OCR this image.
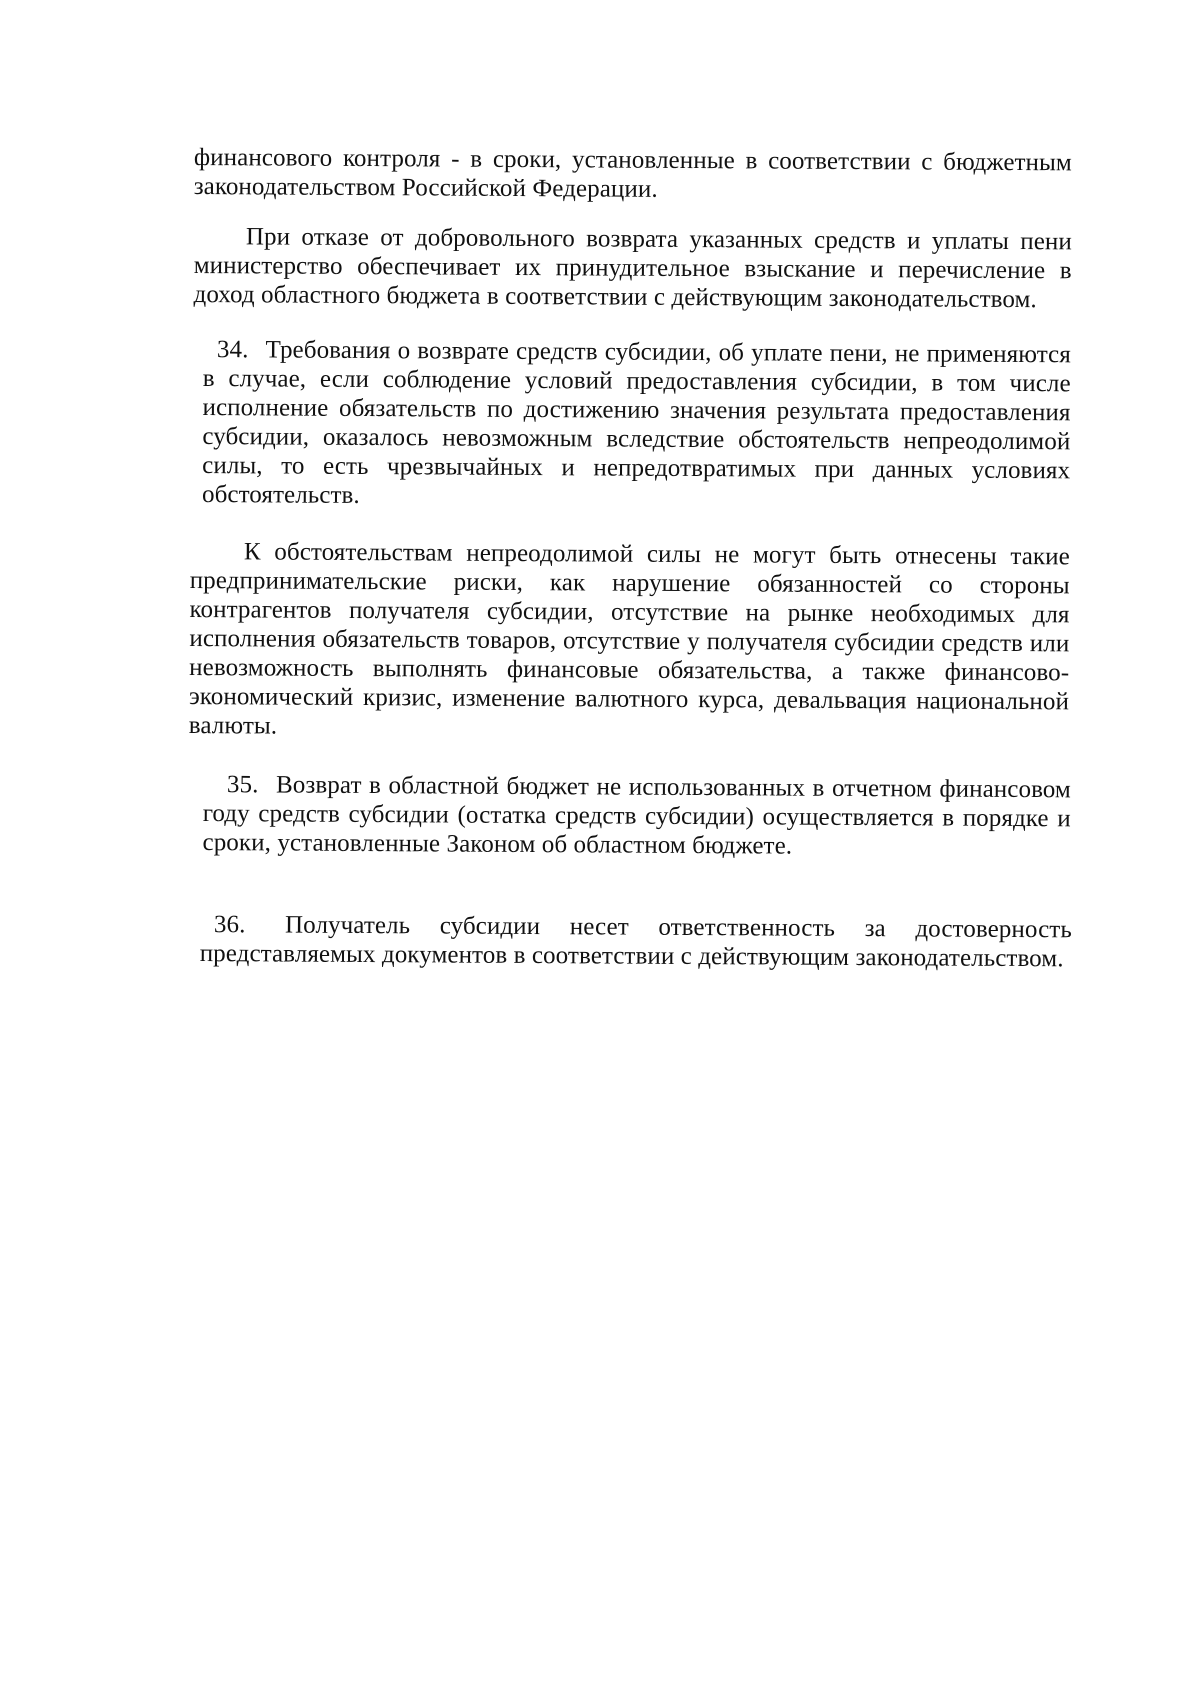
финансового контроля - в сроки, установленные в соответствии с бюджетным законодательством Российской Федерации.
При отказе от добровольного возврата указанных средств и уплаты пени министерство обеспечивает их принудительное взыскание и перечисление в доход областного бюджета в соответствии с действующим законодательством.
34. Требования о возврате средств субсидии, об уплате пени, не применяются в случае, если соблюдение условий предоставления субсидии, в том числе исполнение обязательств по достижению значения результата предоставления субсидии, оказалось невозможным вследствие обстоятельств непреодолимой силы, то есть чрезвычайных и непредотвратимых при данных условиях обстоятельств.
К обстоятельствам непреодолимой силы не могут быть отнесены такие предпринимательские риски, как нарушение обязанностей со стороны контрагентов получателя субсидии, отсутствие на рынке необходимых для исполнения обязательств товаров, отсутствие у получателя субсидии средств или невозможность выполнять финансовые обязательства, а также финансово-экономический кризис, изменение валютного курса, девальвация национальной валюты.
35. Возврат в областной бюджет не использованных в отчетном финансовом году средств субсидии (остатка средств субсидии) осуществляется в порядке и сроки, установленные Законом об областном бюджете.
36. Получатель субсидии несет ответственность за достоверность представляемых документов в соответствии с действующим законодательством.
